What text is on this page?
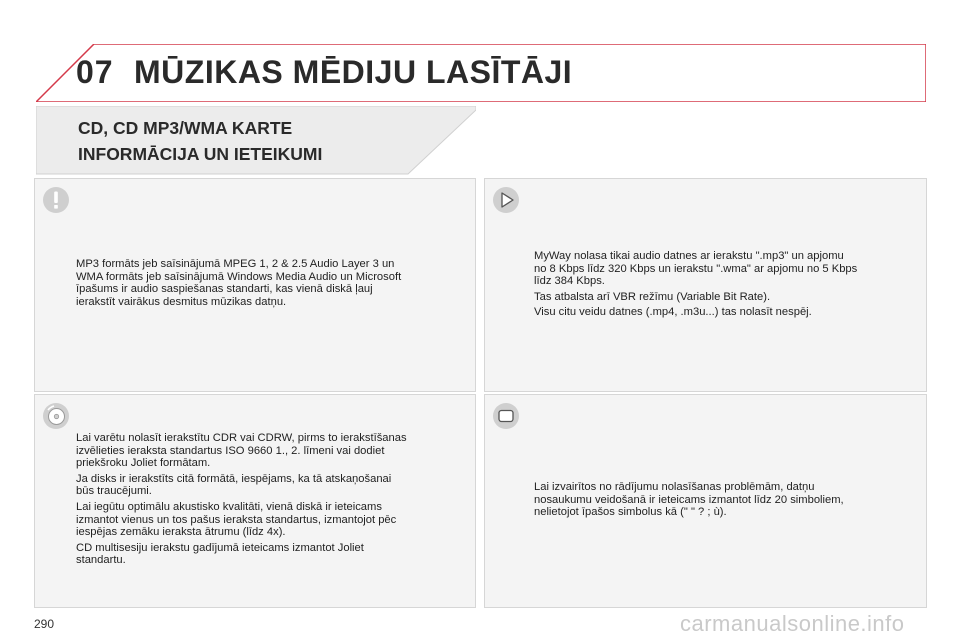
07 MŪZIKAS MĒDIJU LASĪTĀJI
CD, CD MP3/WMA KARTE
INFORMĀCIJA UN IETEIKUMI
MP3 formāts jeb saīsinājumā MPEG 1, 2 & 2.5 Audio Layer 3 un
WMA formāts jeb saīsinājumā Windows Media Audio un Microsoft
īpašums ir audio saspiešanas standarti, kas vienā diskā ļauj
ierakstīt vairākus desmitus mūzikas datņu.

Lai varētu nolasīt ierakstītu CDR vai CDRW, pirms to ierakstīšanas
izvēlieties ieraksta standartus ISO 9660 1., 2. līmeni vai dodiet
priekšroku Joliet formātam.

Ja disks ir ierakstīts citā formātā, iespējams, ka tā atskaņošanai
būs traucējumi.

Lai iegūtu optimālu akustisko kvalitāti, vienā diskā ir ieteicams
izmantot vienus un tos pašus ieraksta standartus, izmantojot pēc
iespējas zemāku ieraksta ātrumu (līdz 4x).

CD multisesiju ierakstu gadījumā ieteicams izmantot Joliet
standartu.

MyWay nolasa tikai audio datnes ar ierakstu ".mp3" un apjomu
no 8 Kbps līdz 320 Kbps un ierakstu ".wma" ar apjomu no 5 Kbps
līdz 384 Kbps.

Tas atbalsta arī VBR režīmu (Variable Bit Rate).

Visu citu veidu datnes (.mp4, .m3u...) tas nolasīt nespēj.

Lai izvairītos no rādījumu nolasīšanas problēmām, datņu
nosaukumu veidošanā ir ieteicams izmantot līdz 20 simboliem,
nelietojot īpašos simbolus kā (" " ? ; ù).
290	carmanualsonline.info
